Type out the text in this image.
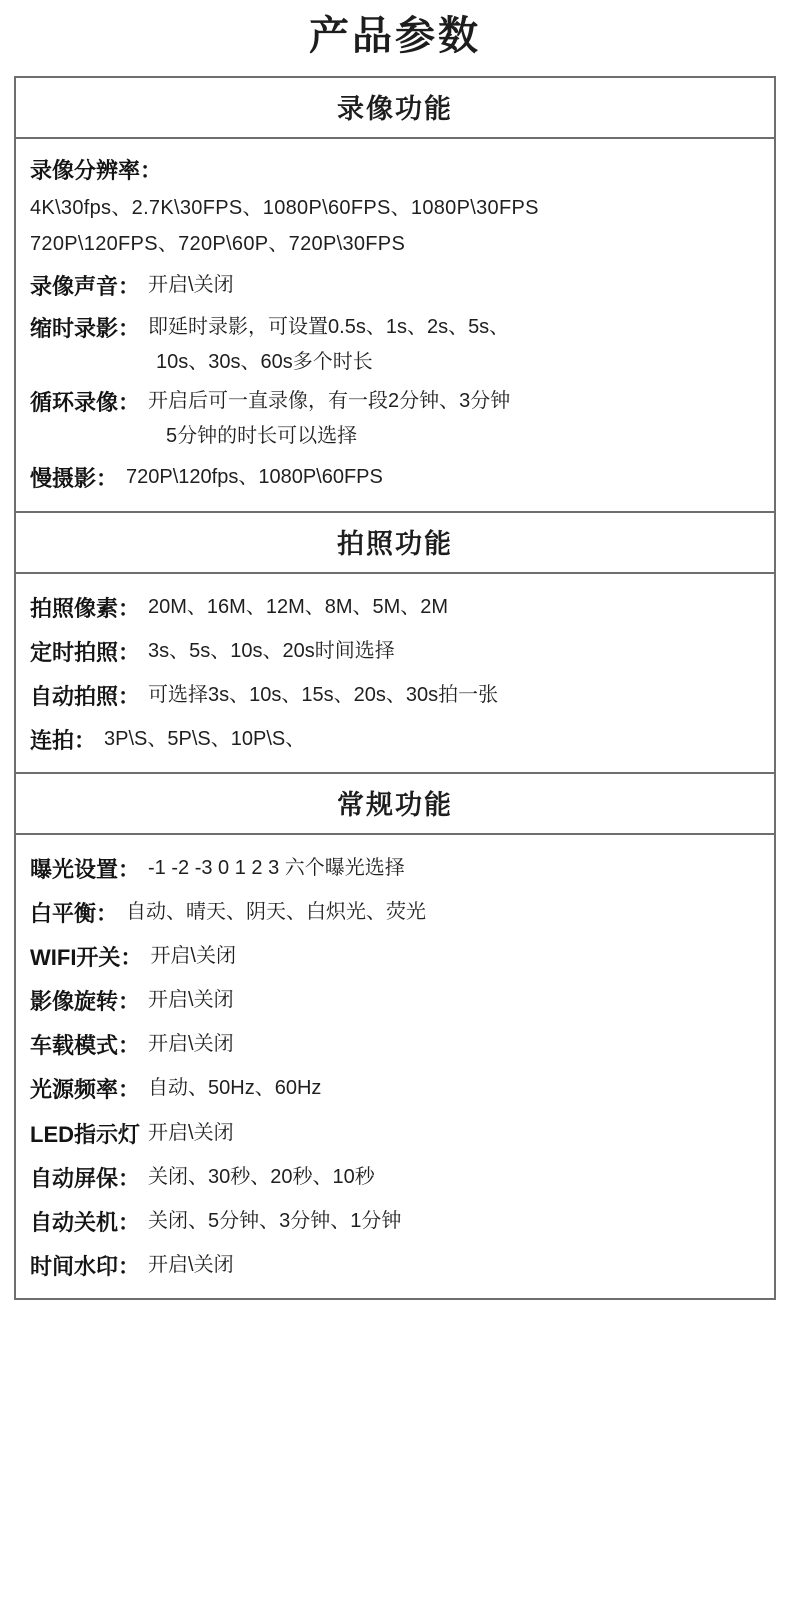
产品参数
录像功能
录像分辨率：
4K\30fps、2.7K\30FPS、1080P\60FPS、1080P\30FPS
720P\120FPS、720P\60P、720P\30FPS
录像声音： 开启\关闭
缩时录影： 即延时录影，可设置0.5s、1s、2s、5s、
10s、30s、60s多个时长
循环录像： 开启后可一直录像，有一段2分钟、3分钟
5分钟的时长可以选择
慢摄影： 720P\120fps、1080P\60FPS
拍照功能
拍照像素： 20M、16M、12M、8M、5M、2M
定时拍照： 3s、5s、10s、20s时间选择
自动拍照： 可选择3s、10s、15s、20s、30s拍一张
连拍： 3P\S、5P\S、10P\S、
常规功能
曝光设置： -1 -2 -3 0 1 2 3 六个曝光选择
白平衡： 自动、晴天、阴天、白炽光、荧光
WIFI开关： 开启\关闭
影像旋转： 开启\关闭
车载模式： 开启\关闭
光源频率： 自动、50Hz、60Hz
LED指示灯 开启\关闭
自动屏保： 关闭、30秒、20秒、10秒
自动关机： 关闭、5分钟、3分钟、1分钟
时间水印： 开启\关闭
